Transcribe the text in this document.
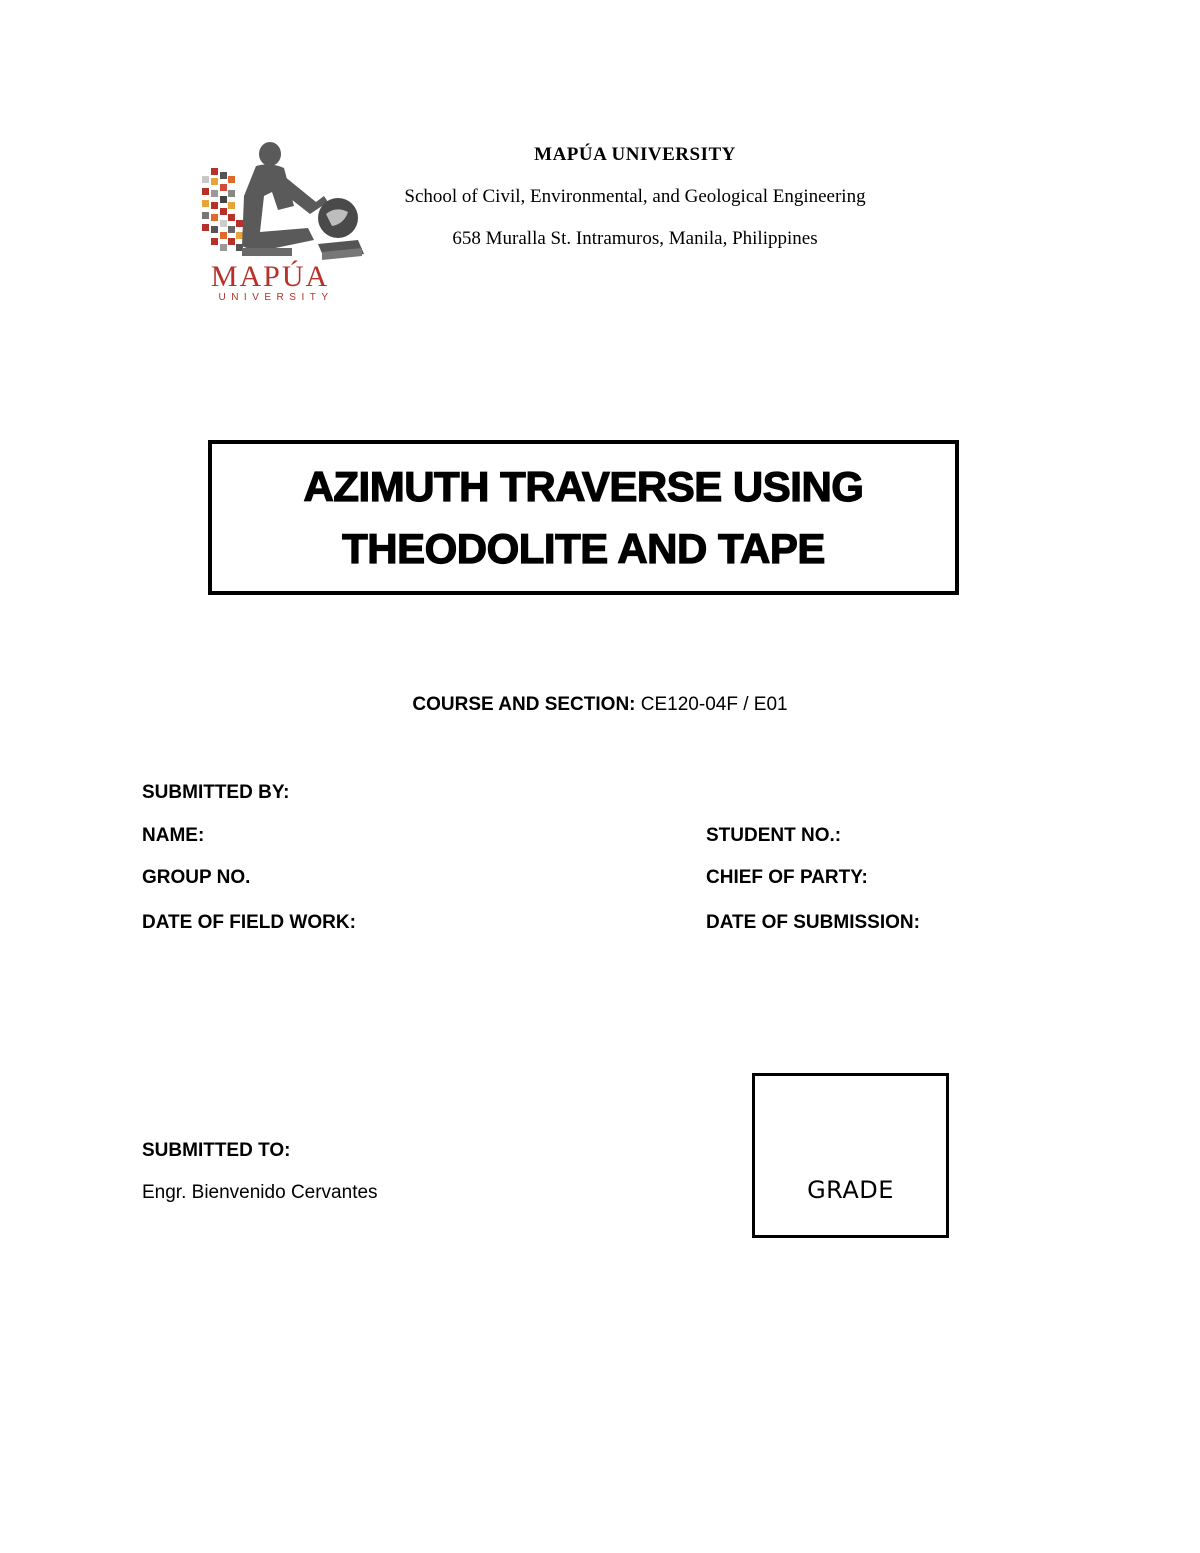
MAPÚA
UNIVERSITY
MAPÚA UNIVERSITY
School of Civil, Environmental, and Geological Engineering
658 Muralla St. Intramuros, Manila, Philippines
AZIMUTH TRAVERSE USING
THEODOLITE AND TAPE
COURSE AND SECTION: CE120-04F / E01
SUBMITTED BY:
NAME:	STUDENT NO.:
GROUP NO.	CHIEF OF PARTY:
DATE OF FIELD WORK:	DATE OF SUBMISSION:
SUBMITTED TO:
Engr. Bienvenido Cervantes	GRADE
